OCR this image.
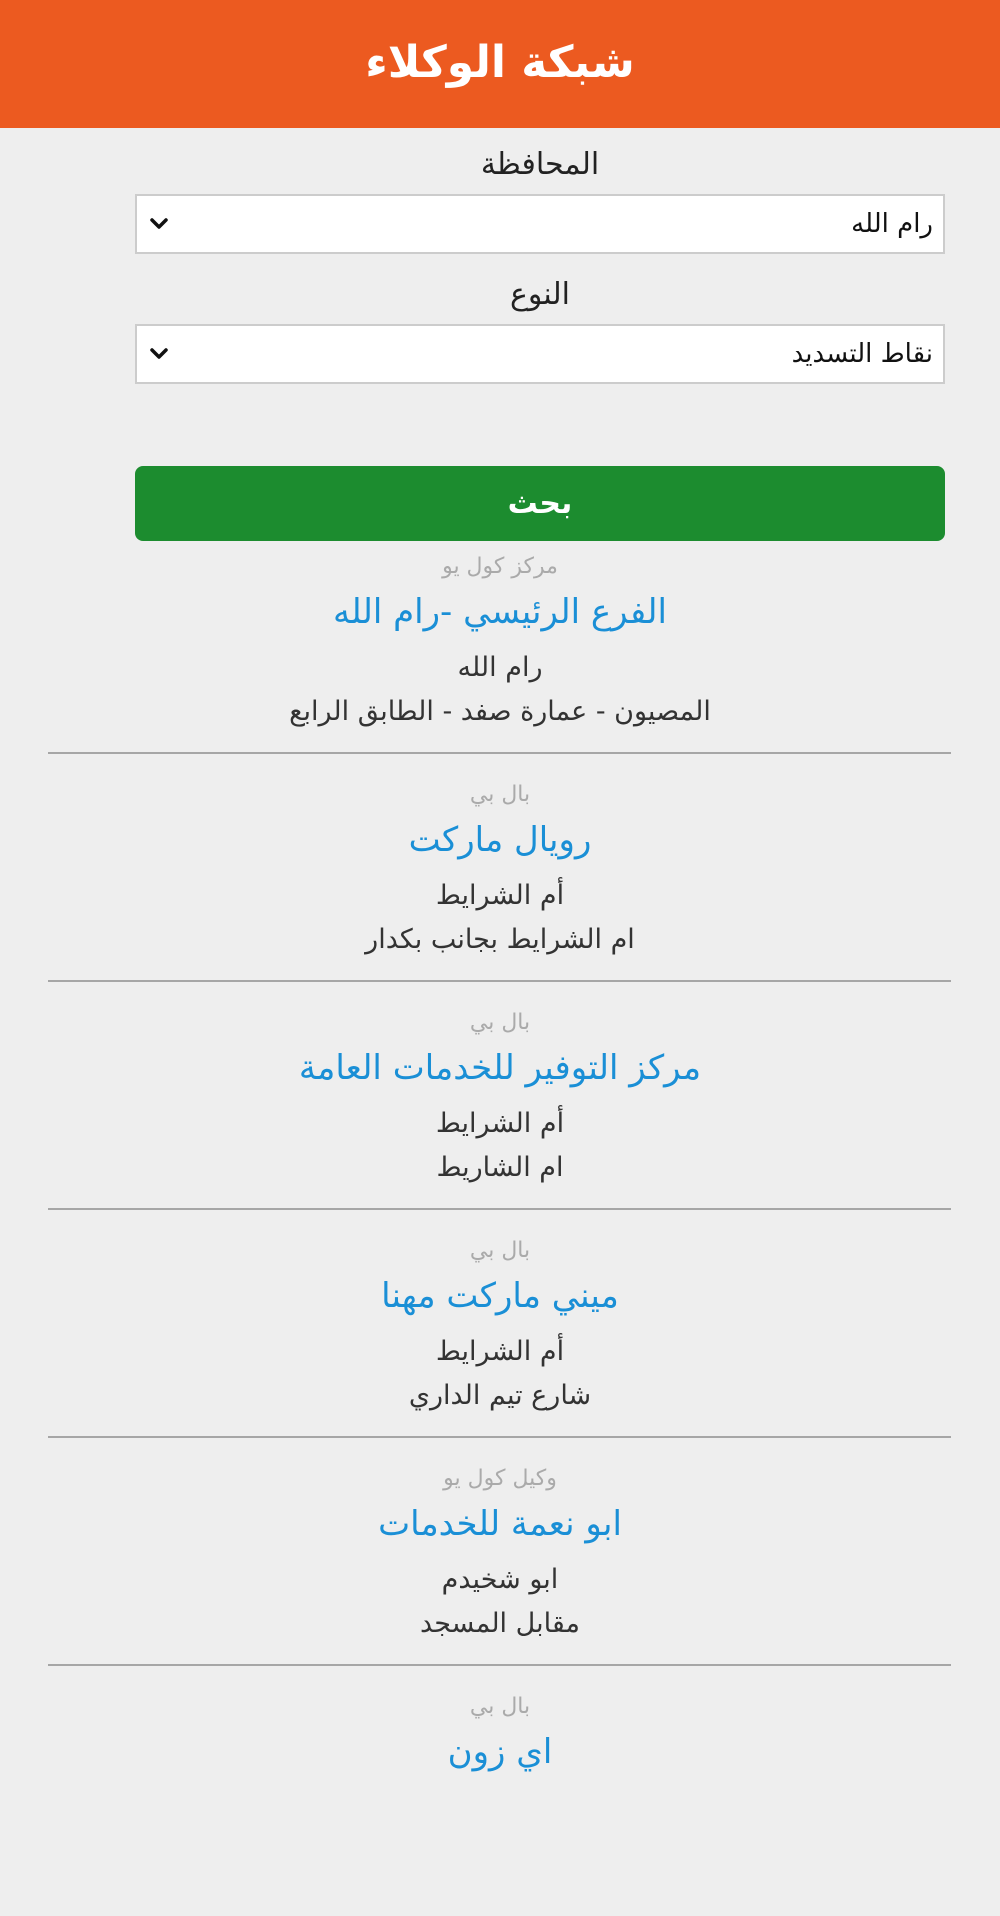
شبكة الوكلاء
المحافظة
رام الله
النوع
نقاط التسديد
بحث
مركز كول يو
الفرع الرئيسي -رام الله
رام الله
المصيون - عمارة صفد - الطابق الرابع
بال بي
رويال ماركت
أم الشرايط
ام الشرايط بجانب بكدار
بال بي
مركز التوفير للخدمات العامة
أم الشرايط
ام الشاريط
بال بي
ميني ماركت مهنا
أم الشرايط
شارع تيم الداري
وكيل كول يو
ابو نعمة للخدمات
ابو شخيدم
مقابل المسجد
بال بي
اي زون
